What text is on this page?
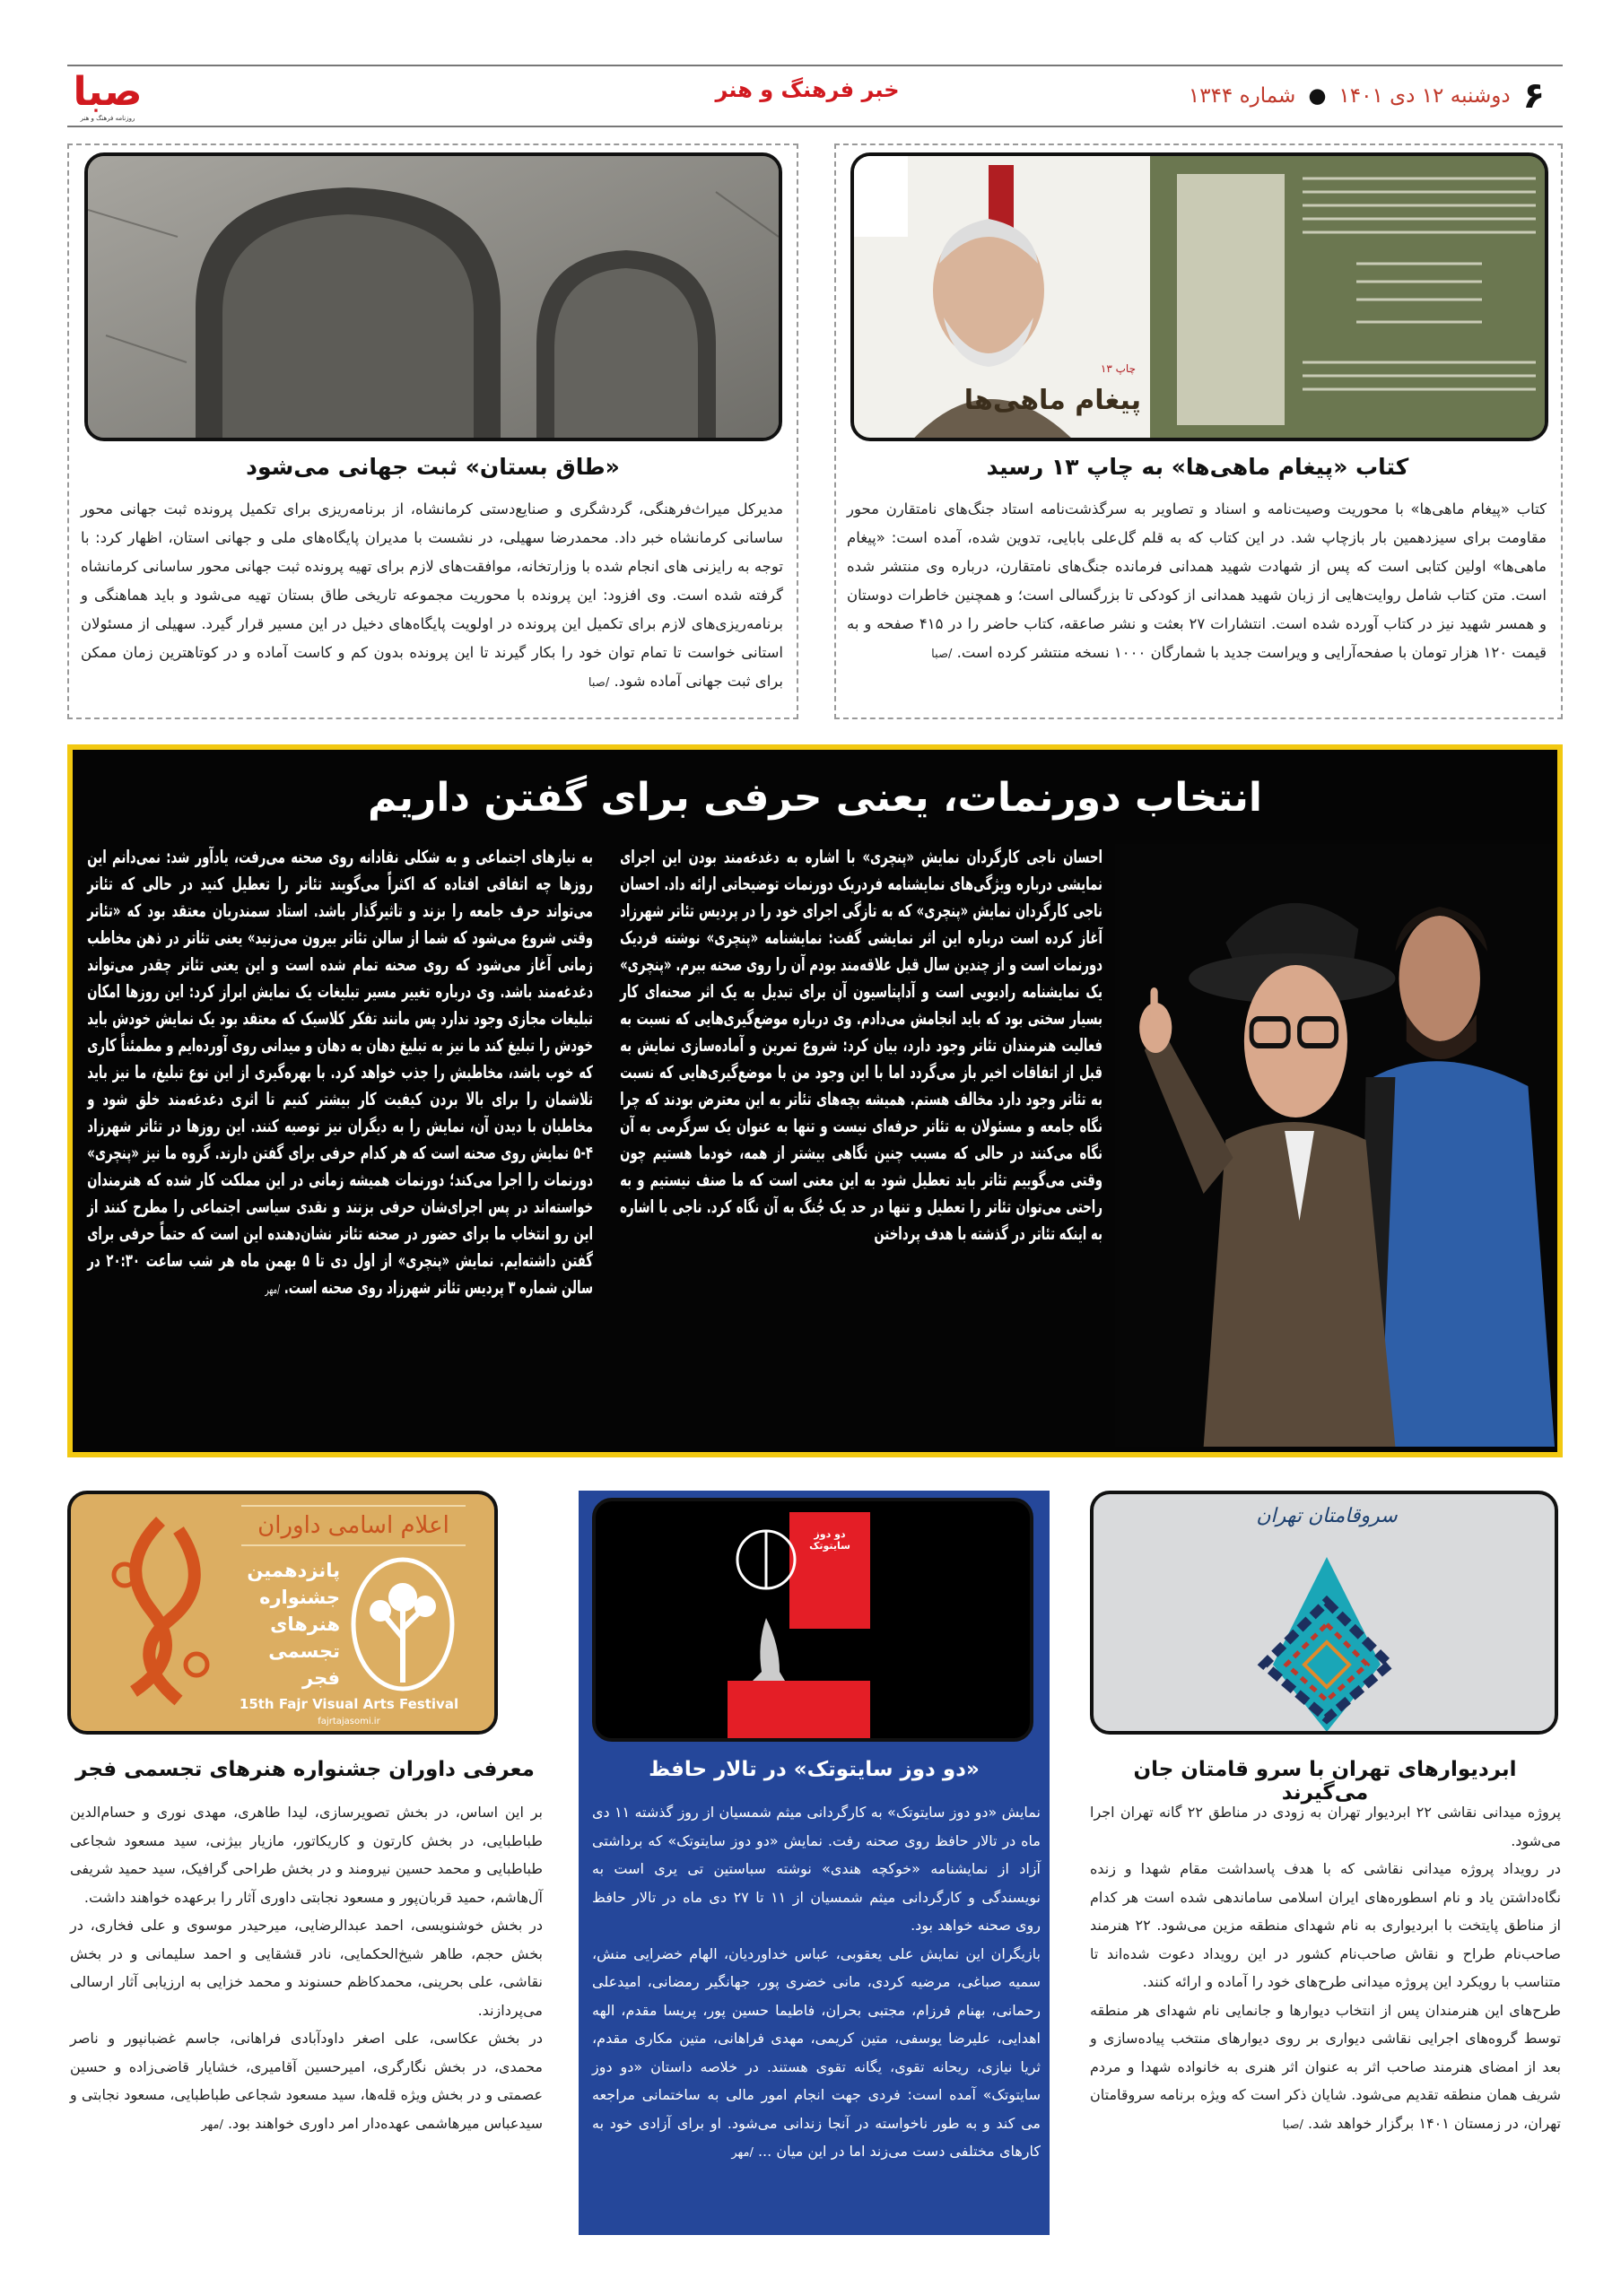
صبا
روزنامه فرهنگ و هنر
خبر فرهنگ و هنر	۶
دوشنبه ۱۲ دی ۱۴۰۱
●
شماره ۱۳۴۴
پیغام ماهی‌ها
چاپ ۱۳
کتاب «پیغام ماهی‌ها» به چاپ ۱۳ رسید
کتاب «پیغام ماهی‌ها» با محوریت وصیت‌نامه و اسناد و تصاویر به سرگذشت‌نامه استاد جنگ‌های نامتقارن محور مقاومت برای سیزدهمین بار بازچاپ شد. در این کتاب که به قلم گل‌علی بابایی، تدوین شده، آمده است: «پیغام ماهی‌ها» اولین کتابی است که پس از شهادت شهید همدانی فرمانده جنگ‌های نامتقارن، درباره وی منتشر شده است. متن کتاب شامل روایت‌هایی از زبان شهید همدانی از کودکی تا بزرگسالی است؛ و همچنین خاطرات دوستان و همسر شهید نیز در کتاب آورده شده است. انتشارات ۲۷ بعثت و نشر صاعقه، کتاب حاضر را در ۴۱۵ صفحه و به قیمت ۱۲۰ هزار تومان با صفحه‌آرایی و ویراست جدید با شمارگان ۱۰۰۰ نسخه منتشر کرده است. /صبا
«طاق بستان» ثبت جهانی می‌شود
مدیرکل میراث‌فرهنگی، گردشگری و صنایع‌دستی کرمانشاه، از برنامه‌ریزی برای تکمیل پرونده ثبت جهانی محور ساسانی کرمانشاه خبر داد. محمدرضا سهیلی، در نشست با مدیران پایگاه‌های ملی و جهانی استان، اظهار کرد: با توجه به رایزنی های انجام شده با وزارتخانه، موافقت‌های لازم برای تهیه پرونده ثبت جهانی محور ساسانی کرمانشاه گرفته شده است. وی افزود: این پرونده با محوریت مجموعه تاریخی طاق بستان تهیه می‌شود و باید هماهنگی و برنامه‌ریزی‌های لازم برای تکمیل این پرونده در اولویت پایگاه‌های دخیل در این مسیر قرار گیرد. سهیلی از مسئولان استانی خواست تا تمام توان خود را بکار گیرند تا این پرونده بدون کم و کاست آماده و در کوتاهترین زمان ممکن برای ثبت جهانی آماده شود. /صبا
انتخاب دورنمات، یعنی حرفی برای گفتن داریم
احسان ناجی کارگردان نمایش «پنچری» با اشاره به دغدغه‌مند بودن این اجرای نمایشی درباره ویژگی‌های نمایشنامه فردریک دورنمات توضیحاتی ارائه داد. احسان ناجی کارگردان نمایش «پنچری» که به تازگی اجرای خود را در پردیس تئاتر شهرزاد آغاز کرده است درباره این اثر نمایشی گفت: نمایشنامه «پنچری» نوشته فردیک دورنمات است و از چندین سال قبل علاقه‌مند بودم آن را روی صحنه ببرم. «پنچری» یک نمایشنامه رادیویی است و آداپتاسیون آن برای تبدیل به یک اثر صحنه‌ای کار بسیار سختی بود که باید انجامش می‌دادم. وی درباره موضع‌گیری‌هایی که نسبت به فعالیت هنرمندان تئاتر وجود دارد، بیان کرد: شروع تمرین و آماده‌سازی نمایش به قبل از اتفاقات اخیر باز می‌گردد اما با این وجود من با موضع‌گیری‌هایی که نسبت به تئاتر وجود دارد مخالف هستم. همیشه بچه‌های تئاتر به این معترض بودند که چرا نگاه جامعه و مسئولان به تئاتر حرفه‌ای نیست و تنها به عنوان یک سرگرمی به آن نگاه می‌کنند در حالی که مسبب چنین نگاهی بیشتر از همه، خودما هستیم چون وقتی می‌گوییم تئاتر باید تعطیل شود به این معنی است که ما صنف نیستیم و به راحتی می‌توان تئاتر را تعطیل و تنها در حد یک جُنگ به آن نگاه کرد. ناجی با اشاره به اینکه تئاتر در گذشته با هدف پرداختن
به نیازهای اجتماعی و به شکلی نقادانه روی صحنه می‌رفت، یادآور شد: نمی‌دانم این روزها چه اتفاقی افتاده که اکثراً می‌گویند تئاتر را تعطیل کنید در حالی که تئاتر می‌تواند حرف جامعه را بزند و تاثیرگذار باشد. استاد سمندریان معتقد بود که «تئاتر وقتی شروع می‌شود که شما از سالن تئاتر بیرون می‌زنید» یعنی تئاتر در ذهن مخاطب زمانی آغاز می‌شود که روی صحنه تمام شده است و این یعنی تئاتر چقدر می‌تواند دغدغه‌مند باشد. وی درباره تغییر مسیر تبلیغات یک نمایش ابراز کرد: این روزها امکان تبلیغات مجازی وجود ندارد پس مانند تفکر کلاسیک که معتقد بود یک نمایش خودش باید خودش را تبلیغ کند ما نیز به تبلیغ دهان به دهان و میدانی روی آورده‌ایم و مطمئناً کاری که خوب باشد، مخاطبش را جذب خواهد کرد. با بهره‌گیری از این نوع تبلیغ، ما نیز باید تلاشمان را برای بالا بردن کیفیت کار بیشتر کنیم تا اثری دغدغه‌مند خلق شود و مخاطبان با دیدن آن، نمایش را به دیگران نیز توصیه کنند. این روزها در تئاتر شهرزاد ۴-۵ نمایش روی صحنه است که هر کدام حرفی برای گفتن دارند. گروه ما نیز «پنچری» دورنمات را اجرا می‌کند؛ دورنمات همیشه زمانی در این مملکت کار شده که هنرمندان خواسته‌اند در پس اجرای‌شان حرفی بزنند و نقدی سیاسی اجتماعی را مطرح کنند از این رو انتخاب ما برای حضور در صحنه تئاتر نشان‌دهنده این است که حتماً حرفی برای گفتن داشته‌ایم. نمایش «پنچری» از اول دی تا ۵ بهمن ماه هر شب ساعت ۲۰:۳۰ در سالن شماره ۳ پردیس تئاتر شهرزاد روی صحنه است. /مهر
اعلام اسامی داوران
پانزدهمین جشنواره هنرهای تجسمی فجر
15th Fajr Visual Arts Festival
fajrtajasomi.ir
معرفی داوران جشنواره هنرهای تجسمی فجر

بر این اساس، در بخش تصویرسازی، لیدا طاهری، مهدی نوری و حسام‌الدین طباطبایی، در بخش کارتون و کاریکاتور، مازیار بیژنی، سید مسعود شجاعی طباطبایی و محمد حسین نیرومند و در بخش طراحی گرافیک، سید حمید شریفی آل‌هاشم، حمید قربان‌پور و مسعود نجابتی داوری آثار را برعهده خواهند داشت.

در بخش خوشنویسی، احمد عبدالرضایی، میرحیدر موسوی و علی فخاری، در بخش حجم، طاهر شیخ‌الحکمایی، نادر قشقایی و احمد سلیمانی و در بخش نقاشی، علی بحرینی، محمدکاظم حسنوند و محمد خزایی به ارزیابی آثار ارسالی می‌پردازند.

در بخش عکاسی، علی اصغر داودآبادی فراهانی، جاسم غضبانپور و ناصر محمدی، در بخش نگارگری، امیرحسین آقامیری، خشایار قاضی‌زاده و حسین عصمتی و در بخش ویژه قله‌ها، سید مسعود شجاعی طباطبایی، مسعود نجابتی و سیدعباس میرهاشمی عهده‌دار امر داوری خواهند بود. /مهر

دو دوز سایتوتک
«دو دوز سایتوتک» در تالار حافظ

نمایش «دو دوز سایتوتک» به کارگردانی میثم شمسیان از روز گذشته ۱۱ دی ماه در تالار حافظ روی صحنه رفت. نمایش «دو دوز سایتوتک» که برداشتی آزاد از نمایشنامه «خوکچه هندی» نوشته سباستین تی یری است به نویسندگی و کارگردانی میثم شمسیان از ۱۱ تا ۲۷ دی ماه در تالار حافظ روی صحنه خواهد بود.

بازیگران این نمایش علی یعقوبی، عباس خداوردیان، الهام خضرایی منش، سمیه صباغی، مرضیه کردی، مانی خضری پور، جهانگیر رمضانی، امیدعلی رحمانی، بهنام فرزام، مجتبی بحران، فاطیما حسین پور، پریسا مقدم، الهه اهدایی، علیرضا یوسفی، متین کریمی، مهدی فراهانی، متین مکاری مقدم، ثریا نیازی، ریحانه تقوی، یگانه تقوی هستند. در خلاصه داستان «دو دوز سایتوتک» آمده است: فردی جهت انجام امور مالی به ساختمانی مراجعه می کند و به طور ناخواسته در آنجا زندانی می‌شود. او برای آزادی خود به کارهای مختلفی دست می‌زند اما در این میان ... /مهر

سروقامتان تهران
ابردیوارهای تهران با سرو قامتان جان می‌گیرند

پروژه میدانی نقاشی ۲۲ ابردیوار تهران به زودی در مناطق ۲۲ گانه تهران اجرا می‌شود.

در رویداد پروژه میدانی نقاشی که با هدف پاسداشت مقام شهدا و زنده نگاه‌داشتن یاد و نام اسطوره‌های ایران اسلامی ساماندهی شده است هر کدام از مناطق پایتخت با ابردیواری به نام شهدای منطقه مزین می‌شود. ۲۲ هنرمند صاحب‌نام طراح و نقاش صاحب‌نام کشور در این رویداد دعوت شده‌اند تا متناسب با رویکرد این پروژه میدانی طرح‌های خود را آماده و ارائه کنند.

طرح‌های این هنرمندان پس از انتخاب دیوارها و جانمایی نام شهدای هر منطقه توسط گروه‌های اجرایی نقاشی دیواری بر روی دیوارهای منتخب پیاده‌سازی و بعد از امضای هنرمند صاحب اثر به عنوان اثر هنری به خانواده شهدا و مردم شریف همان منطقه تقدیم می‌شود. شایان ذکر است که ویژه برنامه سروقامتان تهران، در زمستان ۱۴۰۱ برگزار خواهد شد. /صبا
